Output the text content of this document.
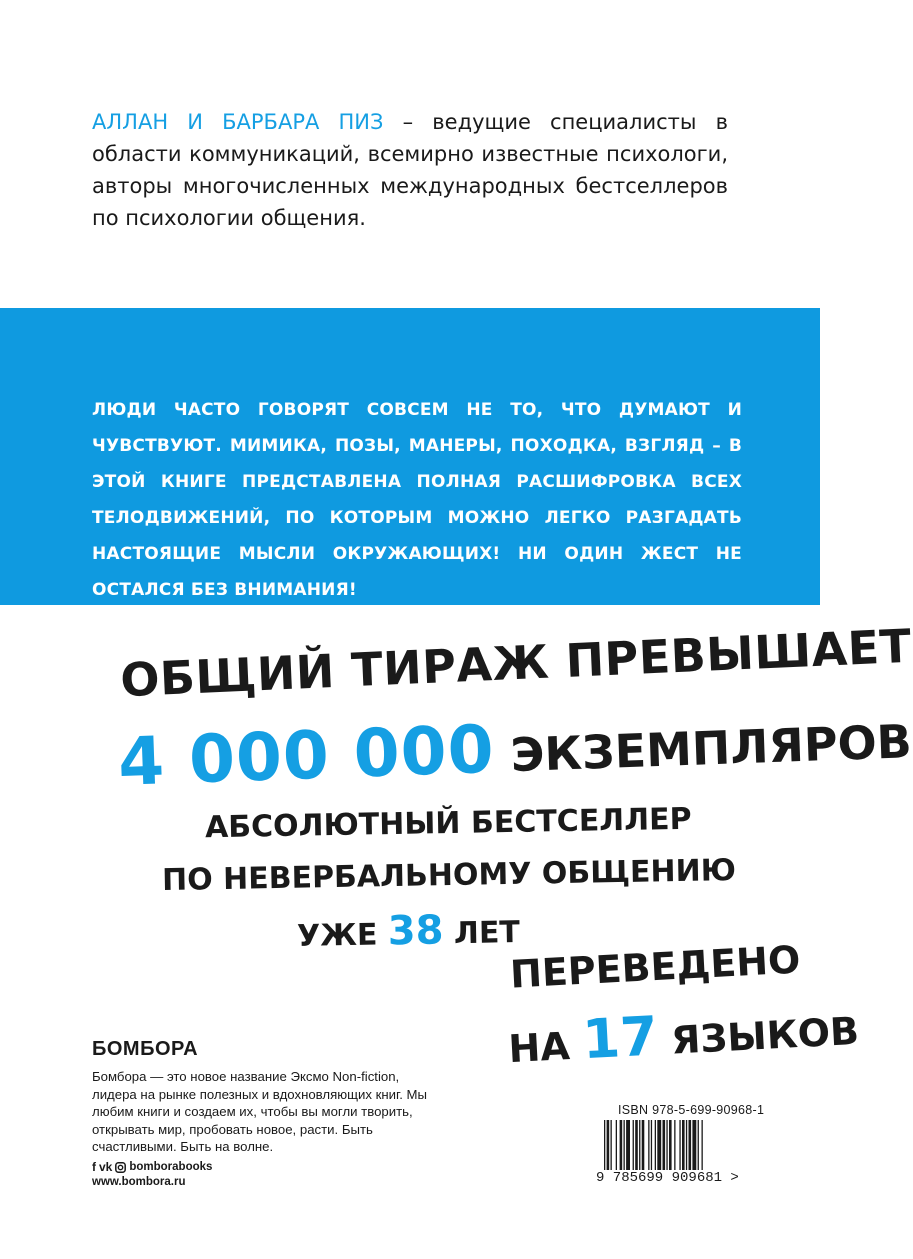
АЛЛАН И БАРБАРА ПИЗ – ведущие специалисты в области коммуникаций, всемирно известные психологи, авторы многочисленных международных бестселлеров по психологии общения.
ЛЮДИ ЧАСТО ГОВОРЯТ СОВСЕМ НЕ ТО, ЧТО ДУМАЮТ И ЧУВСТВУЮТ. МИМИКА, ПОЗЫ, МАНЕРЫ, ПОХОДКА, ВЗГЛЯД – В ЭТОЙ КНИГЕ ПРЕДСТАВЛЕНА ПОЛНАЯ РАСШИФРОВКА ВСЕХ ТЕЛОДВИЖЕНИЙ, ПО КОТОРЫМ МОЖНО ЛЕГКО РАЗГАДАТЬ НАСТОЯЩИЕ МЫСЛИ ОКРУЖАЮЩИХ! НИ ОДИН ЖЕСТ НЕ ОСТАЛСЯ БЕЗ ВНИМАНИЯ!
ОБЩИЙ ТИРАЖ ПРЕВЫШАЕТ
4 000 000 ЭКЗЕМПЛЯРОВ
АБСОЛЮТНЫЙ БЕСТСЕЛЛЕР
ПО НЕВЕРБАЛЬНОМУ ОБЩЕНИЮ
УЖЕ 38 ЛЕТ
ПЕРЕВЕДЕНО
НА 17 ЯЗЫКОВ
БОМБОРА
Бомбора — это новое название Эксмо Non-fiction, лидера на рынке полезных и вдохновляющих книг. Мы любим книги и создаем их, чтобы вы могли творить, открывать мир, пробовать новое, расти. Быть счастливыми. Быть на волне.
f vk bomborabooks
www.bombora.ru
ISBN 978-5-699-90968-1
9 785699 909681 >
